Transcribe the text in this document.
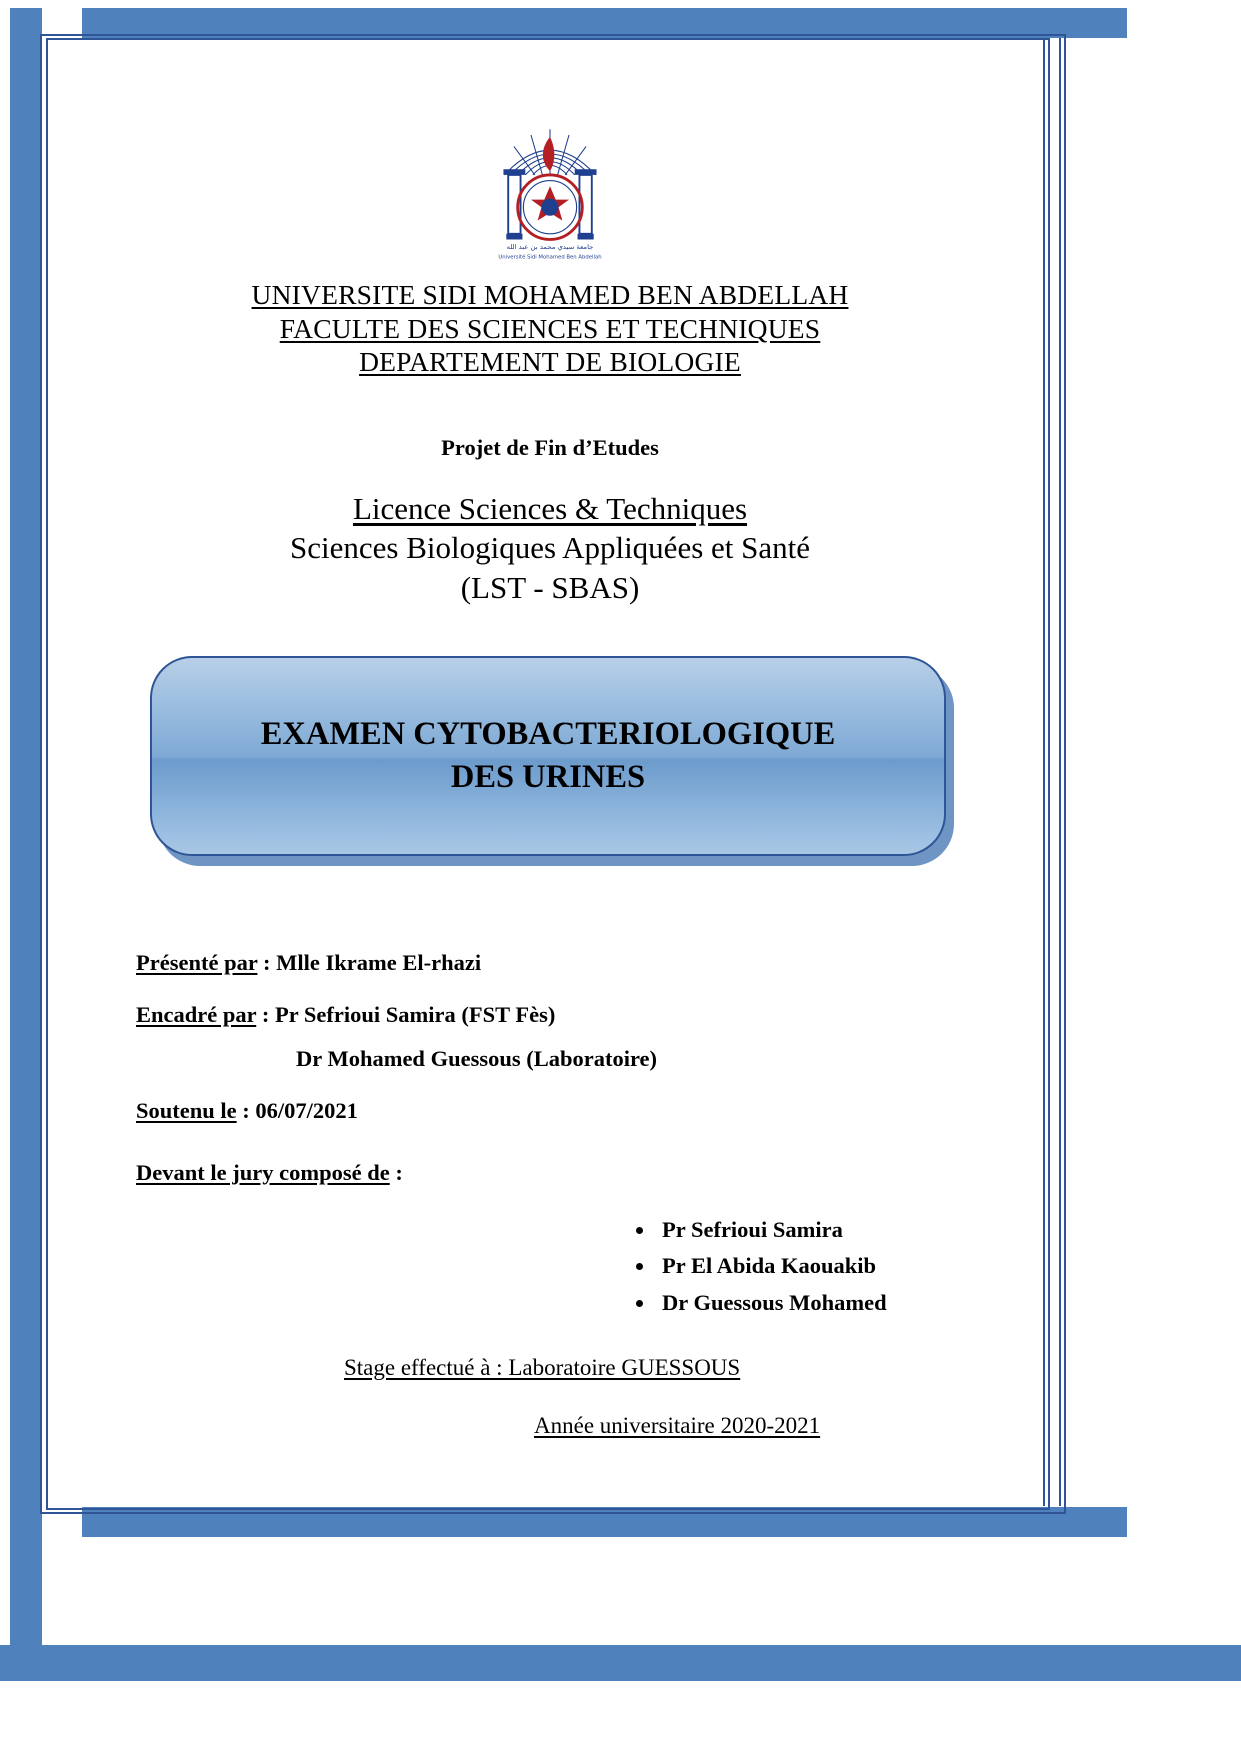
جامعة سيدي محمد بن عبد الله
Université Sidi Mohamed Ben Abdellah
UNIVERSITE SIDI MOHAMED BEN ABDELLAH
FACULTE DES SCIENCES ET TECHNIQUES
DEPARTEMENT DE BIOLOGIE
Projet de Fin d’Etudes
Licence Sciences & Techniques
Sciences Biologiques Appliquées et Santé
(LST - SBAS)
EXAMEN CYTOBACTERIOLOGIQUE
DES URINES
Présenté par : Mlle Ikrame El-rhazi
Encadré par : Pr Sefrioui Samira (FST Fès)
Dr Mohamed Guessous (Laboratoire)
Soutenu le : 06/07/2021
Devant le jury composé de :
• Pr Sefrioui Samira
• Pr El Abida Kaouakib
• Dr Guessous Mohamed
Stage effectué à : Laboratoire GUESSOUS
Année universitaire 2020-2021
